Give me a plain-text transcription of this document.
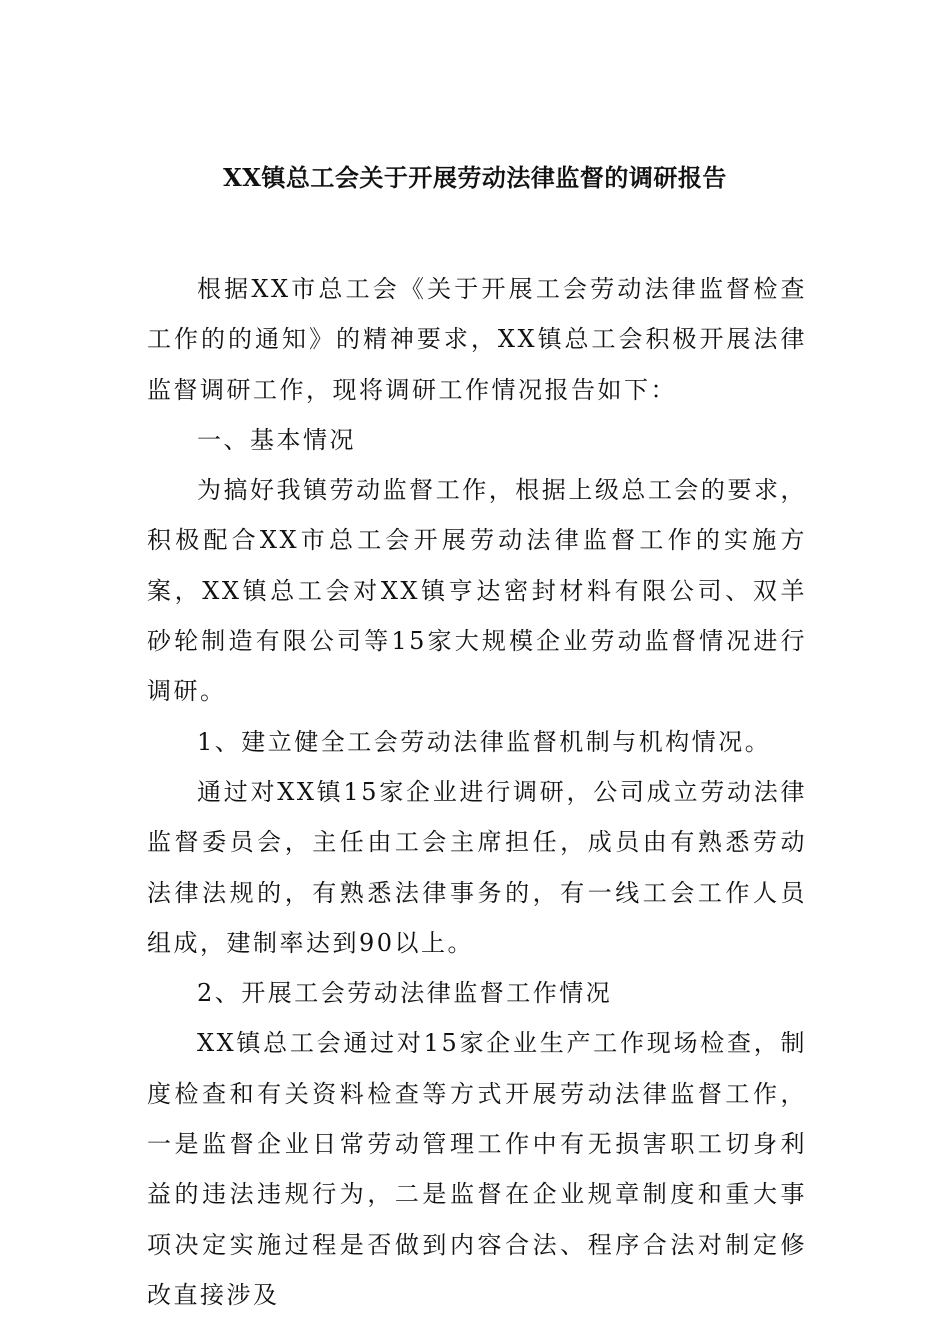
XX镇总工会关于开展劳动法律监督的调研报告

根据XX市总工会《关于开展工会劳动法律监督检查工作的的通知》的精神要求，XX镇总工会积极开展法律监督调研工作，现将调研工作情况报告如下：

一、基本情况

为搞好我镇劳动监督工作，根据上级总工会的要求，积极配合XX市总工会开展劳动法律监督工作的实施方案，XX镇总工会对XX镇亨达密封材料有限公司、双羊砂轮制造有限公司等15家大规模企业劳动监督情况进行调研。

1、建立健全工会劳动法律监督机制与机构情况。

通过对XX镇15家企业进行调研，公司成立劳动法律监督委员会，主任由工会主席担任，成员由有熟悉劳动法律法规的，有熟悉法律事务的，有一线工会工作人员组成，建制率达到90以上。

2、开展工会劳动法律监督工作情况

XX镇总工会通过对15家企业生产工作现场检查，制度检查和有关资料检查等方式开展劳动法律监督工作，一是监督企业日常劳动管理工作中有无损害职工切身利益的违法违规行为，二是监督在企业规章制度和重大事项决定实施过程是否做到内容合法、程序合法对制定修改直接涉及
